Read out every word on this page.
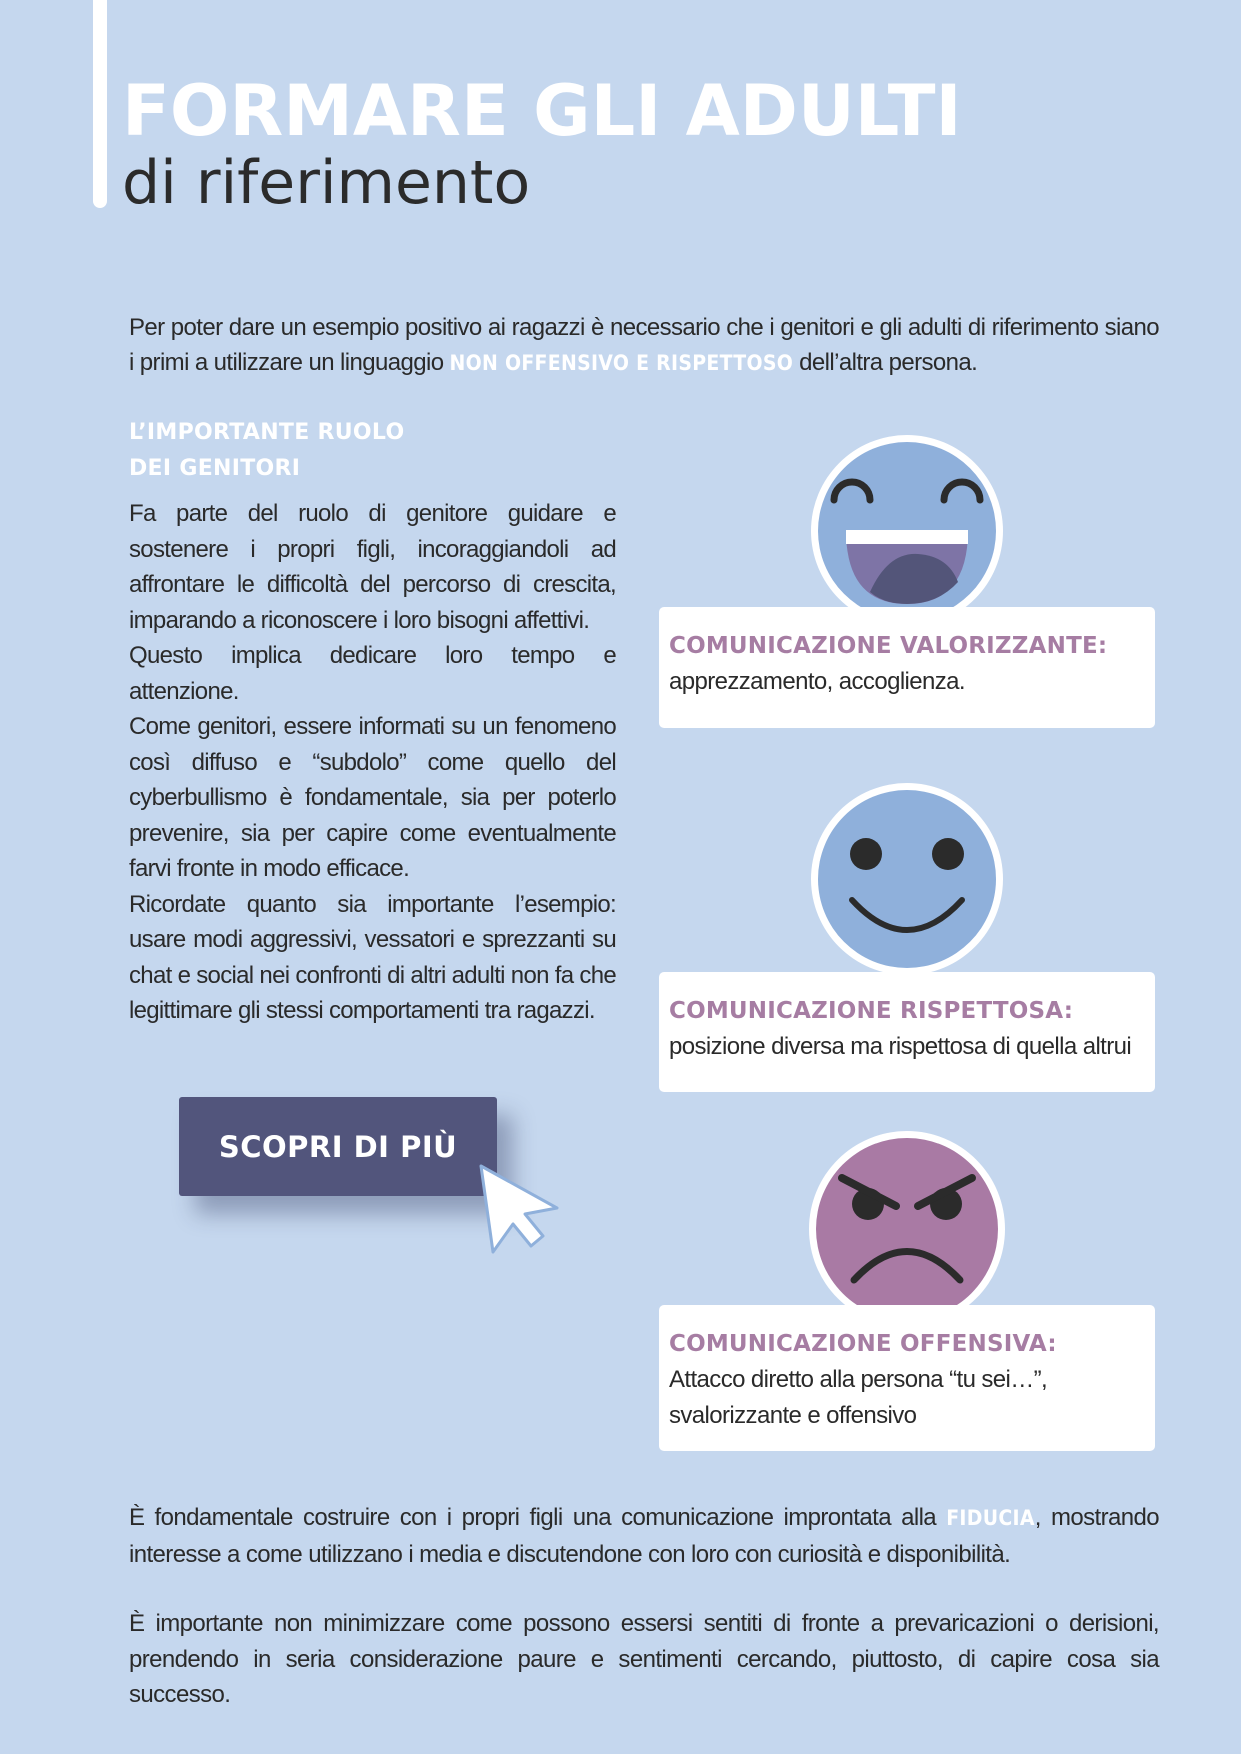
FORMARE GLI ADULTI
di riferimento
Per poter dare un esempio positivo ai ragazzi è necessario che i genitori e gli adulti di riferimento siano i primi a utilizzare un linguaggio NON OFFENSIVO E RISPETTOSO dell’altra persona.
L’IMPORTANTE RUOLO
DEI GENITORI

Fa parte del ruolo di genitore guidare e sostenere i propri figli, incoraggiandoli ad affrontare le difficoltà del percorso di crescita, imparando a riconoscere i loro bisogni affettivi.

Questo implica dedicare loro tempo e attenzione.

Come genitori, essere informati su un fenomeno così diffuso e “subdolo” come quello del cyberbullismo è fondamentale, sia per poterlo prevenire, sia per capire come eventualmente farvi fronte in modo efficace.

Ricordate quanto sia importante l’esempio: usare modi aggressivi, vessatori e sprezzanti su chat e social nei confronti di altri adulti non fa che legittimare gli stessi comportamenti tra ragazzi.

SCOPRI DI PIÙ
COMUNICAZIONE VALORIZZANTE:
apprezzamento, accoglienza.
COMUNICAZIONE RISPETTOSA:
posizione diversa ma rispettosa di quella altrui
COMUNICAZIONE OFFENSIVA:
Attacco diretto alla persona “tu sei…”, svalorizzante e offensivo
È fondamentale costruire con i propri figli una comunicazione improntata alla FIDUCIA, mostrando interesse a come utilizzano i media e discutendone con loro con curiosità e disponibilità.
È importante non minimizzare come possono essersi sentiti di fronte a prevaricazioni o derisioni, prendendo in seria considerazione paure e sentimenti cercando, piuttosto, di capire cosa sia successo.
